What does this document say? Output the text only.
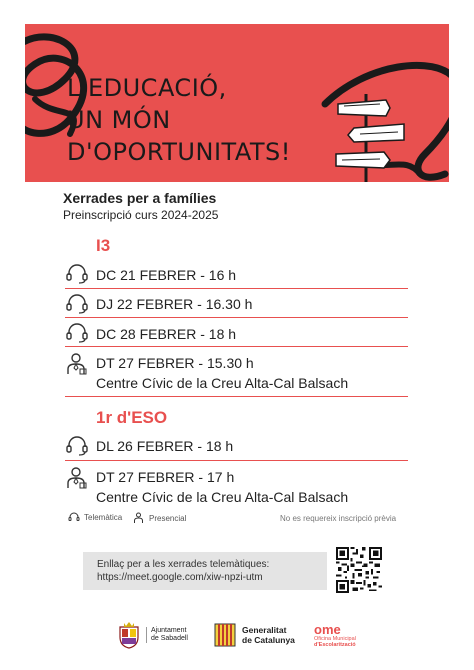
L'EDUCACIÓ,
UN MÓN
D'OPORTUNITATS!
Xerrades per a famílies
Preinscripció curs 2024-2025
I3
DC 21 FEBRER - 16 h
DJ 22 FEBRER - 16.30 h
DC 28 FEBRER - 18 h
DT 27 FEBRER - 15.30 h
Centre Cívic de la Creu Alta-Cal Balsach
1r d'ESO
DL 26 FEBRER - 18 h
DT 27 FEBRER - 17 h
Centre Cívic de la Creu Alta-Cal Balsach
Telemàtica	Presencial	No es requereix inscripció prèvia
Enllaç per a les xerrades telemàtiques:
https://meet.google.com/xiw-npzi-utm
Ajuntament
de Sabadell
Generalitat
de Catalunya
ome
Oficina Municipal
d'Escolarització
